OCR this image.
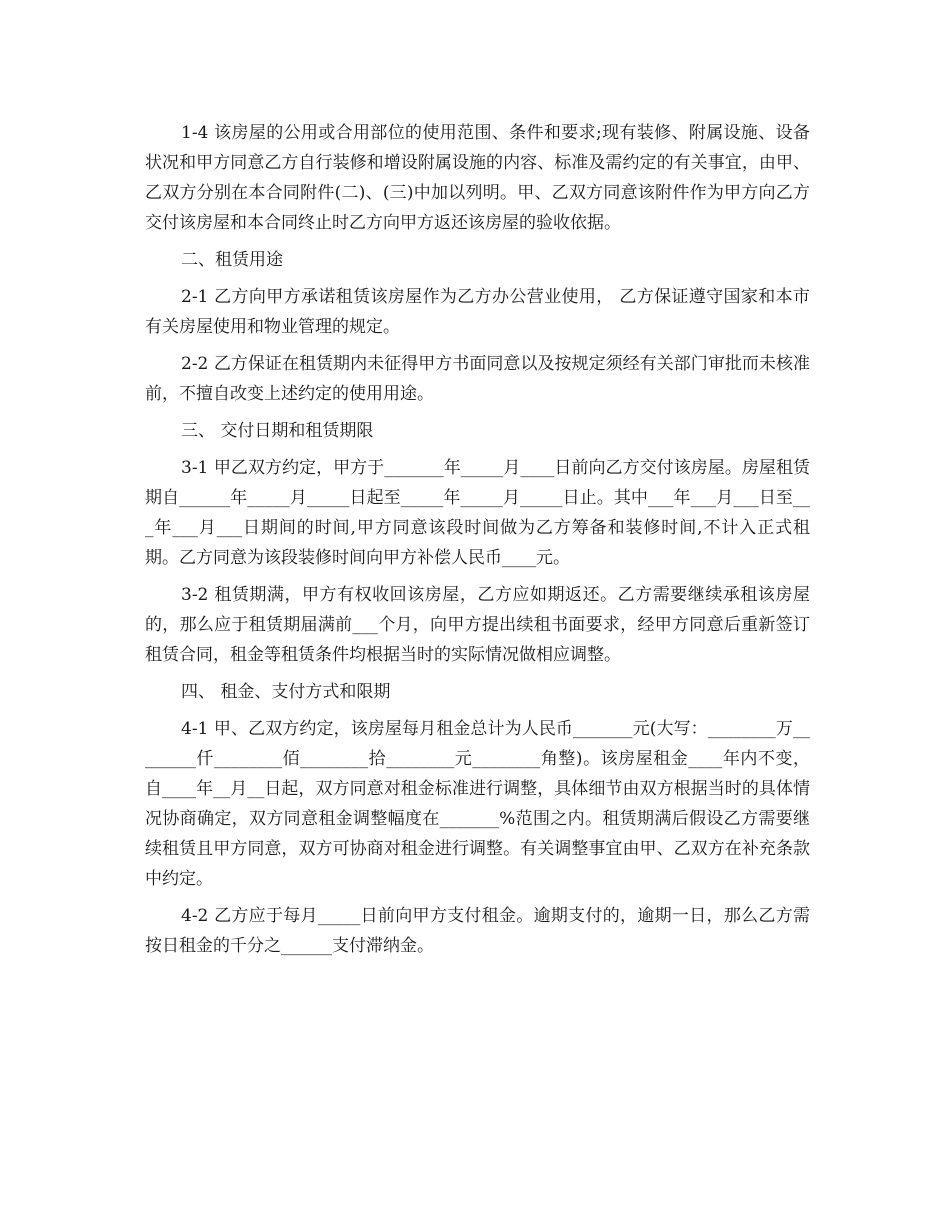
1-4 该房屋的公用或合用部位的使用范围、条件和要求;现有装修、附属设施、设备状况和甲方同意乙方自行装修和增设附属设施的内容、标准及需约定的有关事宜，由甲、乙双方分别在本合同附件(二)、(三)中加以列明。甲、乙双方同意该附件作为甲方向乙方交付该房屋和本合同终止时乙方向甲方返还该房屋的验收依据。

二、租赁用途

2-1 乙方向甲方承诺租赁该房屋作为乙方办公营业使用， 乙方保证遵守国家和本市有关房屋使用和物业管理的规定。

2-2 乙方保证在租赁期内未征得甲方书面同意以及按规定须经有关部门审批而未核准前，不擅自改变上述约定的使用用途。

三、 交付日期和租赁期限

3-1 甲乙双方约定，甲方于_______年_____月____日前向乙方交付该房屋。房屋租赁期自______年_____月_____日起至_____年_____月_____日止。其中___年___月___日至___年___月___日期间的时间,甲方同意该段时间做为乙方筹备和装修时间,不计入正式租期。乙方同意为该段装修时间向甲方补偿人民币____元。

3-2 租赁期满，甲方有权收回该房屋，乙方应如期返还。乙方需要继续承租该房屋的，那么应于租赁期届满前___个月，向甲方提出续租书面要求，经甲方同意后重新签订租赁合同，租金等租赁条件均根据当时的实际情况做相应调整。

四、 租金、支付方式和限期

4-1 甲、乙双方约定，该房屋每月租金总计为人民币_______元(大写：________万________仟________佰________拾________元________角整)。该房屋租金____年内不变，自____年__月__日起，双方同意对租金标准进行调整，具体细节由双方根据当时的具体情况协商确定，双方同意租金调整幅度在_______%范围之内。租赁期满后假设乙方需要继续租赁且甲方同意，双方可协商对租金进行调整。有关调整事宜由甲、乙双方在补充条款中约定。

4-2 乙方应于每月_____日前向甲方支付租金。逾期支付的，逾期一日，那么乙方需按日租金的千分之______支付滞纳金。
